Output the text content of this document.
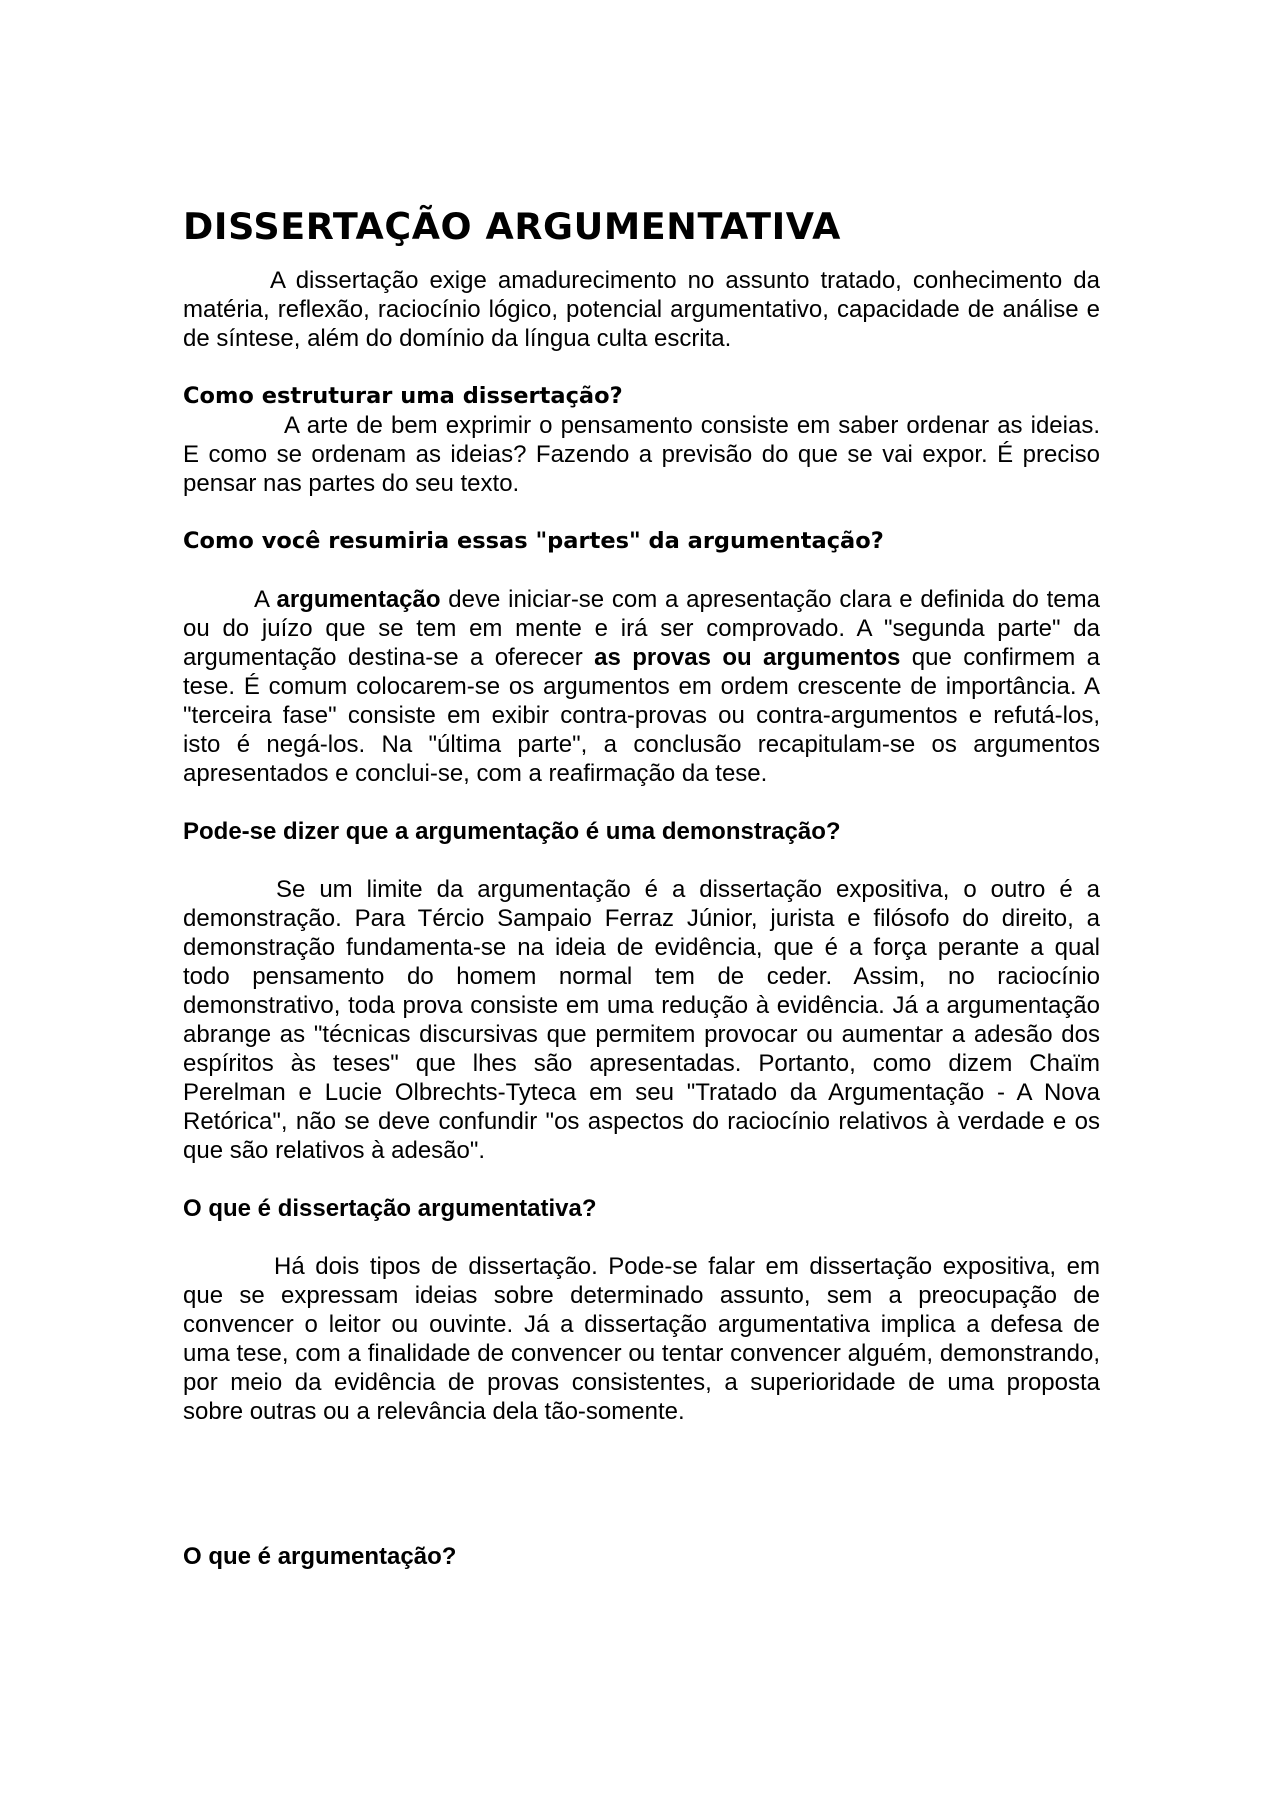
DISSERTAÇÃO ARGUMENTATIVA

A dissertação exige amadurecimento no assunto tratado, conhecimento da matéria, reflexão, raciocínio lógico, potencial argumentativo, capacidade de análise e de síntese, além do domínio da língua culta escrita.

Como estruturar uma dissertação?

A arte de bem exprimir o pensamento consiste em saber ordenar as ideias. E como se ordenam as ideias? Fazendo a previsão do que se vai expor. É preciso pensar nas partes do seu texto.

Como você resumiria essas "partes" da argumentação?

A argumentação deve iniciar-se com a apresentação clara e definida do tema ou do juízo que se tem em mente e irá ser comprovado. A "segunda parte" da argumentação destina-se a oferecer as provas ou argumentos que confirmem a tese. É comum colocarem-se os argumentos em ordem crescente de importância. A "terceira fase" consiste em exibir contra-provas ou contra-argumentos e refutá-los, isto é negá-los. Na "última parte", a conclusão recapitulam-se os argumentos apresentados e conclui-se, com a reafirmação da tese.

Pode-se dizer que a argumentação é uma demonstração?

Se um limite da argumentação é a dissertação expositiva, o outro é a demonstração. Para Tércio Sampaio Ferraz Júnior, jurista e filósofo do direito, a demonstração fundamenta-se na ideia de evidência, que é a força perante a qual todo pensamento do homem normal tem de ceder. Assim, no raciocínio demonstrativo, toda prova consiste em uma redução à evidência. Já a argumentação abrange as "técnicas discursivas que permitem provocar ou aumentar a adesão dos espíritos às teses" que lhes são apresentadas. Portanto, como dizem Chaïm Perelman e Lucie Olbrechts-Tyteca em seu "Tratado da Argumentação - A Nova Retórica", não se deve confundir "os aspectos do raciocínio relativos à verdade e os que são relativos à adesão".

O que é dissertação argumentativa?

Há dois tipos de dissertação. Pode-se falar em dissertação expositiva, em que se expressam ideias sobre determinado assunto, sem a preocupação de convencer o leitor ou ouvinte. Já a dissertação argumentativa implica a defesa de uma tese, com a finalidade de convencer ou tentar convencer alguém, demonstrando, por meio da evidência de provas consistentes, a superioridade de uma proposta sobre outras ou a relevância dela tão-somente.

O que é argumentação?
